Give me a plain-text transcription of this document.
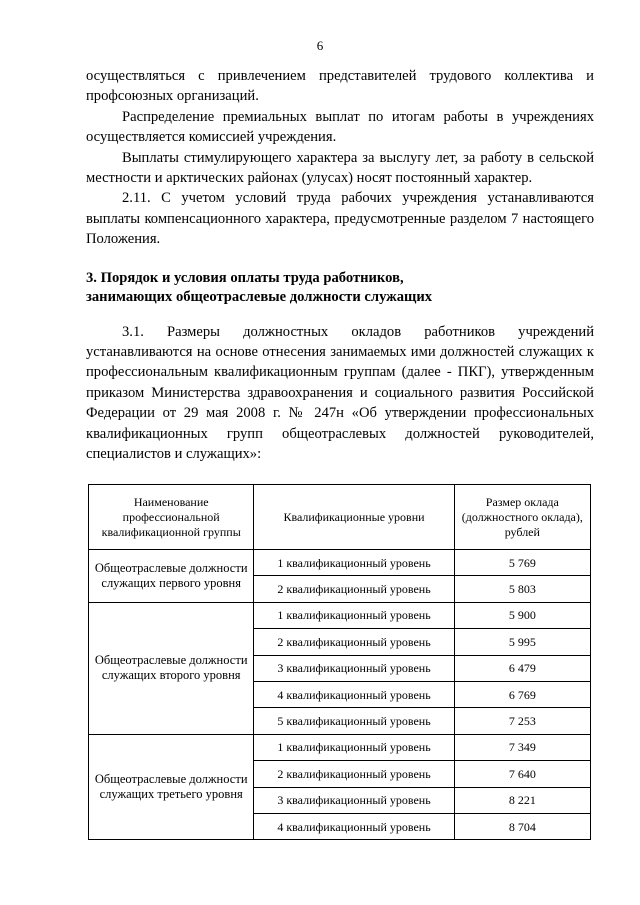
6

осуществляться с привлечением представителей трудового коллектива и профсоюзных организаций.

Распределение премиальных выплат по итогам работы в учреждениях осуществляется комиссией учреждения.

Выплаты стимулирующего характера за выслугу лет, за работу в сельской местности и арктических районах (улусах) носят постоянный характер.

2.11. С учетом условий труда рабочих учреждения устанавливаются выплаты компенсационного характера, предусмотренные разделом 7 настоящего Положения.

3. Порядок и условия оплаты труда работников,
занимающих общеотраслевые должности служащих

3.1. Размеры должностных окладов работников учреждений устанавливаются на основе отнесения занимаемых ими должностей служащих к профессиональным квалификационным группам (далее - ПКГ), утвержденным приказом Министерства здравоохранения и социального развития Российской Федерации от 29 мая 2008 г. № 247н «Об утверждении профессиональных квалификационных групп общеотраслевых должностей руководителей, специалистов и служащих»:

Наименование профессиональной квалификационной группы	Квалификационные уровни	Размер оклада (должностного оклада), рублей
Общеотраслевые должности служащих первого уровня	1 квалификационный уровень	5 769
	2 квалификационный уровень	5 803
Общеотраслевые должности служащих второго уровня	1 квалификационный уровень	5 900
	2 квалификационный уровень	5 995
	3 квалификационный уровень	6 479
	4 квалификационный уровень	6 769
	5 квалификационный уровень	7 253
Общеотраслевые должности служащих третьего уровня	1 квалификационный уровень	7 349
	2 квалификационный уровень	7 640
	3 квалификационный уровень	8 221
	4 квалификационный уровень	8 704
